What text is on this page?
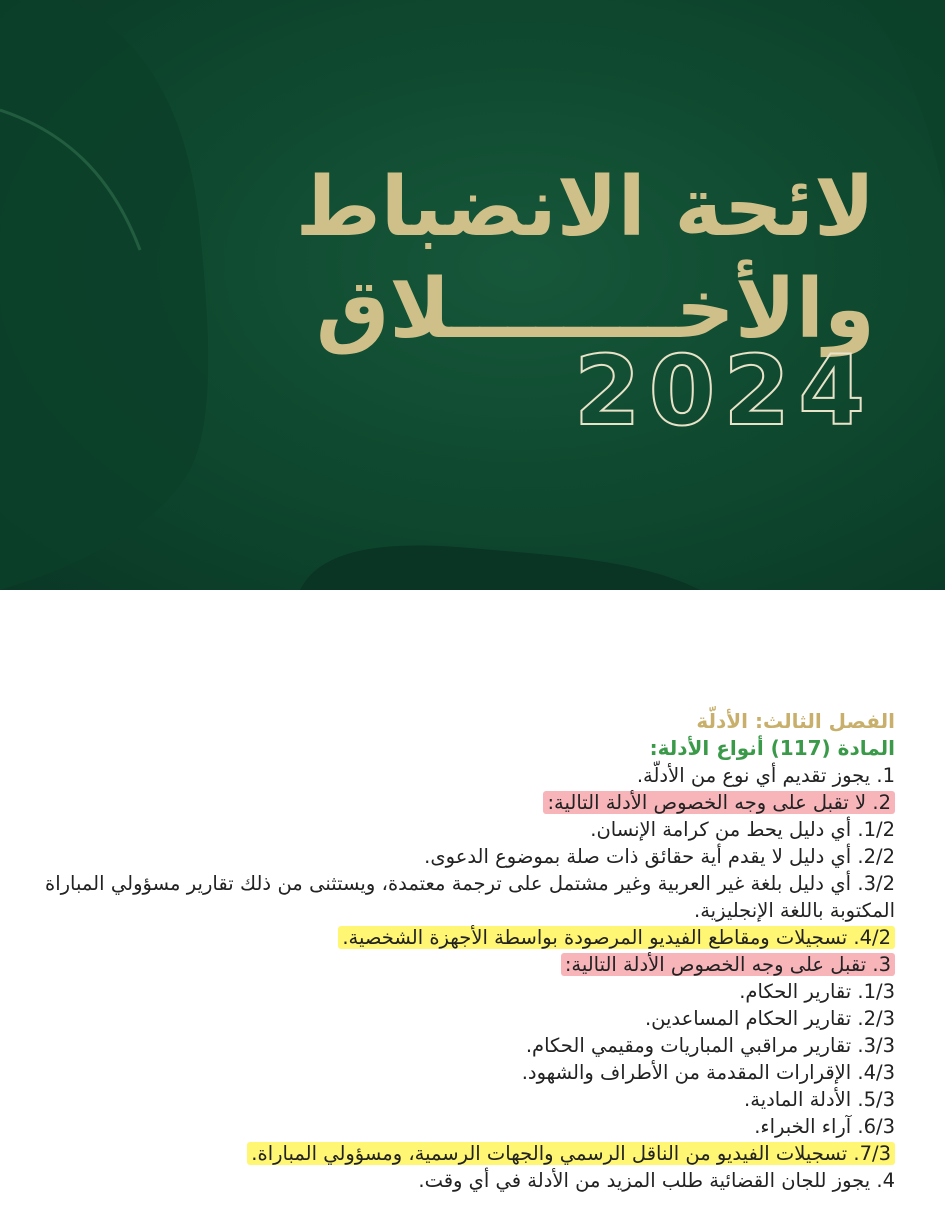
لائحة الانضباط
والأخــــــــلاق
2024
الفصل الثالث: الأدلّة
المادة (117) أنواع الأدلة:
1. يجوز تقديم أي نوع من الأدلّة.
2. لا تقبل على وجه الخصوص الأدلة التالية:
1/2. أي دليل يحط من كرامة الإنسان.
2/2. أي دليل لا يقدم أية حقائق ذات صلة بموضوع الدعوى.
3/2. أي دليل بلغة غير العربية وغير مشتمل على ترجمة معتمدة، ويستثنى من ذلك تقارير مسؤولي المباراة المكتوبة باللغة الإنجليزية.
4/2. تسجيلات ومقاطع الفيديو المرصودة بواسطة الأجهزة الشخصية.
3. تقبل على وجه الخصوص الأدلة التالية:
1/3. تقارير الحكام.
2/3. تقارير الحكام المساعدين.
3/3. تقارير مراقبي المباريات ومقيمي الحكام.
4/3. الإقرارات المقدمة من الأطراف والشهود.
5/3. الأدلة المادية.
6/3. آراء الخبراء.
7/3. تسجيلات الفيديو من الناقل الرسمي والجهات الرسمية، ومسؤولي المباراة.
4. يجوز للجان القضائية طلب المزيد من الأدلة في أي وقت.
